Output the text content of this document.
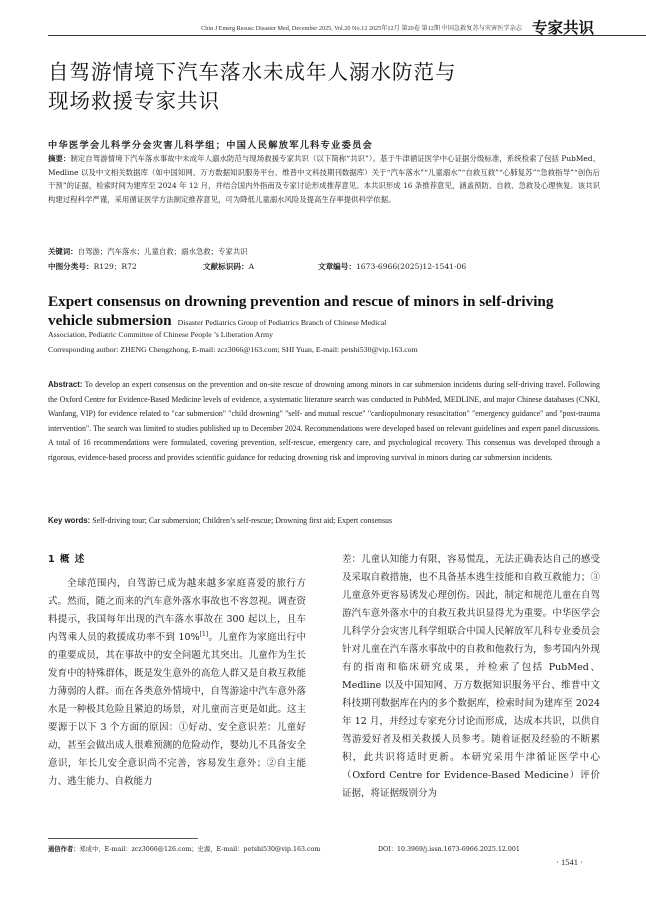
Chin J Emerg Resusc Disaster Med, December 2025, Vol.20 No.12 2025年12月 第20卷 第12期 中国急救复苏与灾害医学杂志 专家共识
自驾游情境下汽车落水未成年人溺水防范与
现场救援专家共识
中华医学会儿科学分会灾害儿科学组；中国人民解放军儿科专业委员会
摘要：制定自驾游情境下汽车落水事故中未成年人溺水防范与现场救援专家共识（以下简称“共识”）。基于牛津循证医学中心证据分级标准，系统检索了包括 PubMed、Medline 以及中文相关数据库（如中国知网、万方数据知识服务平台、维普中文科技期刊数据库）关于“汽车落水”“儿童溺水”“自救互救”“心肺复苏”“急救指导”“创伤后干预”的证据，检索时间为建库至 2024 年 12 月，并结合国内外指南及专家讨论形成推荐意见。本共识形成 16 条推荐意见，涵盖预防、自救、急救及心理恢复。该共识构建过程科学严谨，采用循证医学方法制定推荐意见，可为降低儿童溺水风险及提高生存率提供科学依据。
关键词：自驾游；汽车落水；儿童自救；溺水急救；专家共识
中图分类号：R129；R72	文献标识码：A	文章编号：1673-6966(2025)12-1541-06
Expert consensus on drowning prevention and rescue of minors in self-driving vehicle submersion Disaster Pediatrics Group of Pediatrics Branch of Chinese Medical
Association, Pediatric Committee of Chinese People ’s Liberation Army
Corresponding author: ZHENG Chengzhong, E-mail: zcz3066@163.com; SHI Yuan, E-mail: petshi530@vip.163.com
Abstract: To develop an expert consensus on the prevention and on-site rescue of drowning among minors in car submersion incidents during self-driving travel. Following the Oxford Centre for Evidence-Based Medicine levels of evidence, a systematic literature search was conducted in PubMed, MEDLINE, and major Chinese databases (CNKI, Wanfang, VIP) for evidence related to "car submersion" "child drowning" "self- and mutual rescue" "cardiopulmonary resuscitation" "emergency guidance" and "post-trauma intervention". The search was limited to studies published up to December 2024. Recommendations were developed based on relevant guidelines and expert panel discussions. A total of 16 recommendations were formulated, covering prevention, self-rescue, emergency care, and psychological recovery. This consensus was developed through a rigorous, evidence-based process and provides scientific guidance for reducing drowning risk and improving survival in minors during car submersion incidents.
Key words: Self-driving tour; Car submersion; Children’s self-rescue; Drowning first aid; Expert consensus

1 概 述

全球范围内，自驾游已成为越来越多家庭喜爱的旅行方式。然而，随之而来的汽车意外落水事故也不容忽视。调查资料提示，我国每年出现的汽车落水事故在 300 起以上，且车内驾乘人员的救援成功率不到 10%[1]。儿童作为家庭出行中的重要成员，其在事故中的安全问题尤其突出。儿童作为生长发育中的特殊群体，既是发生意外的高危人群又是自救互救能力薄弱的人群。而在各类意外情境中，自驾游途中汽车意外落水是一种极其危险且紧迫的场景，对儿童而言更是如此。这主要源于以下 3 个方面的原因：①好动、安全意识差：儿童好动，甚至会做出成人很难预测的危险动作，婴幼儿不具备安全意识，年长儿安全意识尚不完善，容易发生意外；②自主能力、逃生能力、自救能力

差：儿童认知能力有限，容易慌乱，无法正确表达自己的感受及采取自救措施，也不具备基本逃生技能和自救互救能力；③儿童意外更容易诱发心理创伤。因此，制定和规范儿童在自驾游汽车意外落水中的自救互救共识显得尤为重要。中华医学会儿科学分会灾害儿科学组联合中国人民解放军儿科专业委员会针对儿童在汽车落水事故中的自救和他救行为，参考国内外现有的指南和临床研究成果，并检索了包括 PubMed、Medline 以及中国知网、万方数据知识服务平台、维普中文科技期刊数据库在内的多个数据库，检索时间为建库至 2024 年 12 月，并经过专家充分讨论而形成，达成本共识，以供自驾游爱好者及相关救援人员参考。随着证据及经验的不断累积，此共识将适时更新。本研究采用牛津循证医学中心（Oxford Centre for Evidence-Based Medicine）评价证据，将证据级别分为

通信作者：郑成中，E-mail：zcz3066@126.com；史源，E-mail：petshi530@vip.163.com	DOI：10.3969/j.issn.1673-6966.2025.12.001
· 1541 ·
